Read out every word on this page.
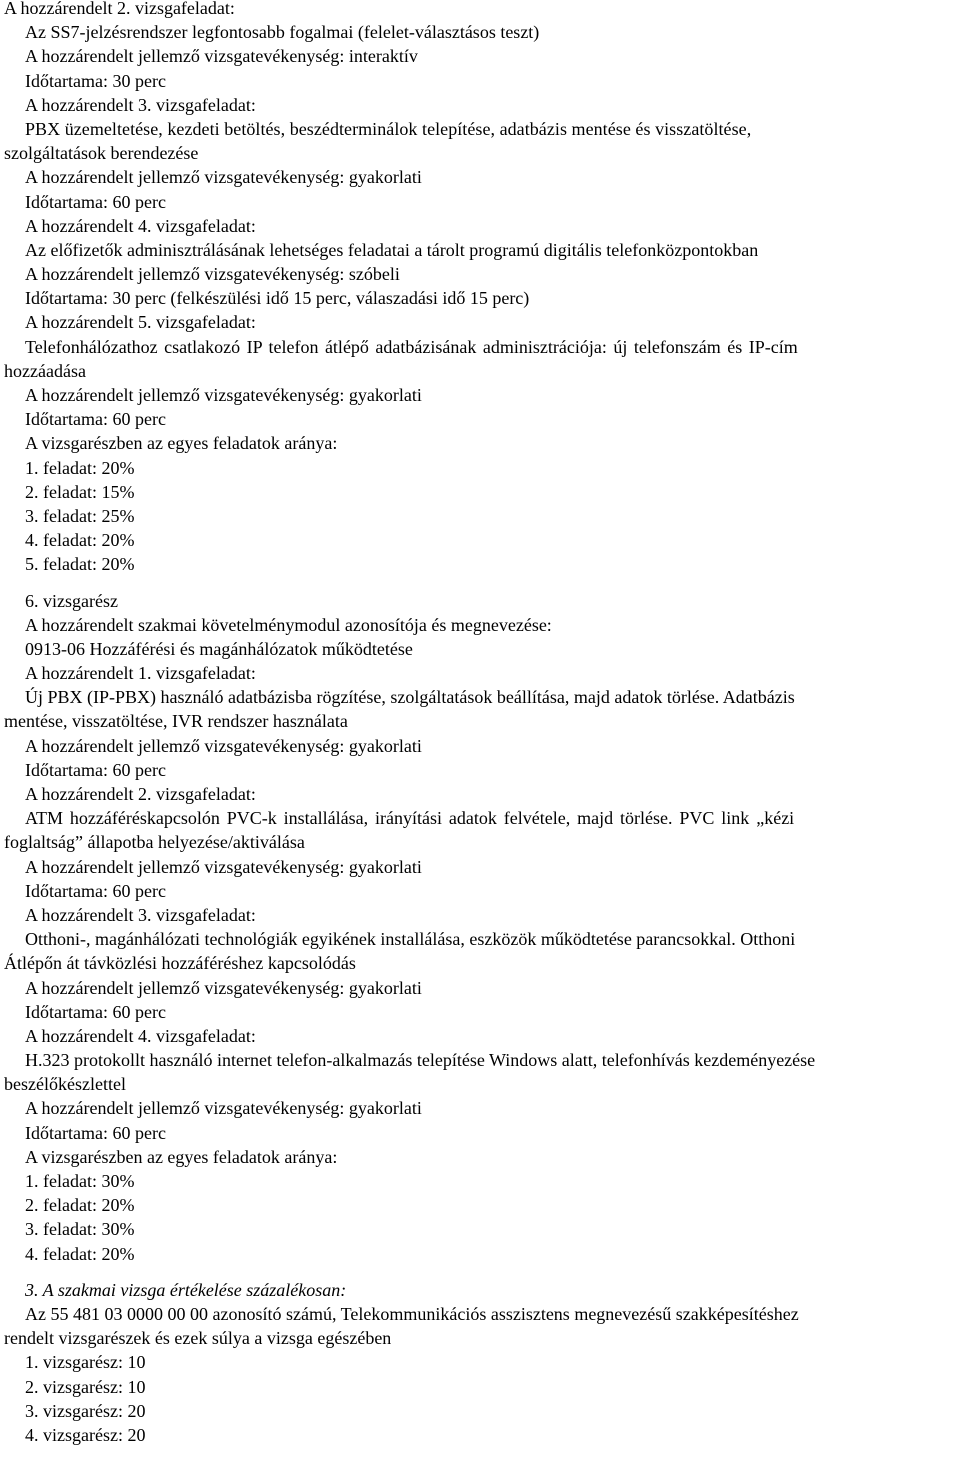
A hozzárendelt 2. vizsgafeladat:
Az SS7-jelzésrendszer legfontosabb fogalmai (felelet-választásos teszt)
A hozzárendelt jellemző vizsgatevékenység: interaktív
Időtartama: 30 perc
A hozzárendelt 3. vizsgafeladat:
PBX üzemeltetése, kezdeti betöltés, beszédterminálok telepítése, adatbázis mentése és visszatöltése,
szolgáltatások berendezése
A hozzárendelt jellemző vizsgatevékenység: gyakorlati
Időtartama: 60 perc
A hozzárendelt 4. vizsgafeladat:
Az előfizetők adminisztrálásának lehetséges feladatai a tárolt programú digitális telefonközpontokban
A hozzárendelt jellemző vizsgatevékenység: szóbeli
Időtartama: 30 perc (felkészülési idő 15 perc, válaszadási idő 15 perc)
A hozzárendelt 5. vizsgafeladat:
Telefonhálózathoz csatlakozó IP telefon átlépő adatbázisának adminisztrációja: új telefonszám és IP-cím
hozzáadása
A hozzárendelt jellemző vizsgatevékenység: gyakorlati
Időtartama: 60 perc
A vizsgarészben az egyes feladatok aránya:
1. feladat: 20%
2. feladat: 15%
3. feladat: 25%
4. feladat: 20%
5. feladat: 20%
6. vizsgarész
A hozzárendelt szakmai követelménymodul azonosítója és megnevezése:
0913-06 Hozzáférési és magánhálózatok működtetése
A hozzárendelt 1. vizsgafeladat:
Új PBX (IP-PBX) használó adatbázisba rögzítése, szolgáltatások beállítása, majd adatok törlése. Adatbázis
mentése, visszatöltése, IVR rendszer használata
A hozzárendelt jellemző vizsgatevékenység: gyakorlati
Időtartama: 60 perc
A hozzárendelt 2. vizsgafeladat:
ATM hozzáféréskapcsolón PVC-k installálása, irányítási adatok felvétele, majd törlése. PVC link „kézi
foglaltság” állapotba helyezése/aktiválása
A hozzárendelt jellemző vizsgatevékenység: gyakorlati
Időtartama: 60 perc
A hozzárendelt 3. vizsgafeladat:
Otthoni-, magánhálózati technológiák egyikének installálása, eszközök működtetése parancsokkal. Otthoni
Átlépőn át távközlési hozzáféréshez kapcsolódás
A hozzárendelt jellemző vizsgatevékenység: gyakorlati
Időtartama: 60 perc
A hozzárendelt 4. vizsgafeladat:
H.323 protokollt használó internet telefon-alkalmazás telepítése Windows alatt, telefonhívás kezdeményezése
beszélőkészlettel
A hozzárendelt jellemző vizsgatevékenység: gyakorlati
Időtartama: 60 perc
A vizsgarészben az egyes feladatok aránya:
1. feladat: 30%
2. feladat: 20%
3. feladat: 30%
4. feladat: 20%
3. A szakmai vizsga értékelése százalékosan:
Az 55 481 03 0000 00 00 azonosító számú, Telekommunikációs asszisztens megnevezésű szakképesítéshez
rendelt vizsgarészek és ezek súlya a vizsga egészében
1. vizsgarész: 10
2. vizsgarész: 10
3. vizsgarész: 20
4. vizsgarész: 20
